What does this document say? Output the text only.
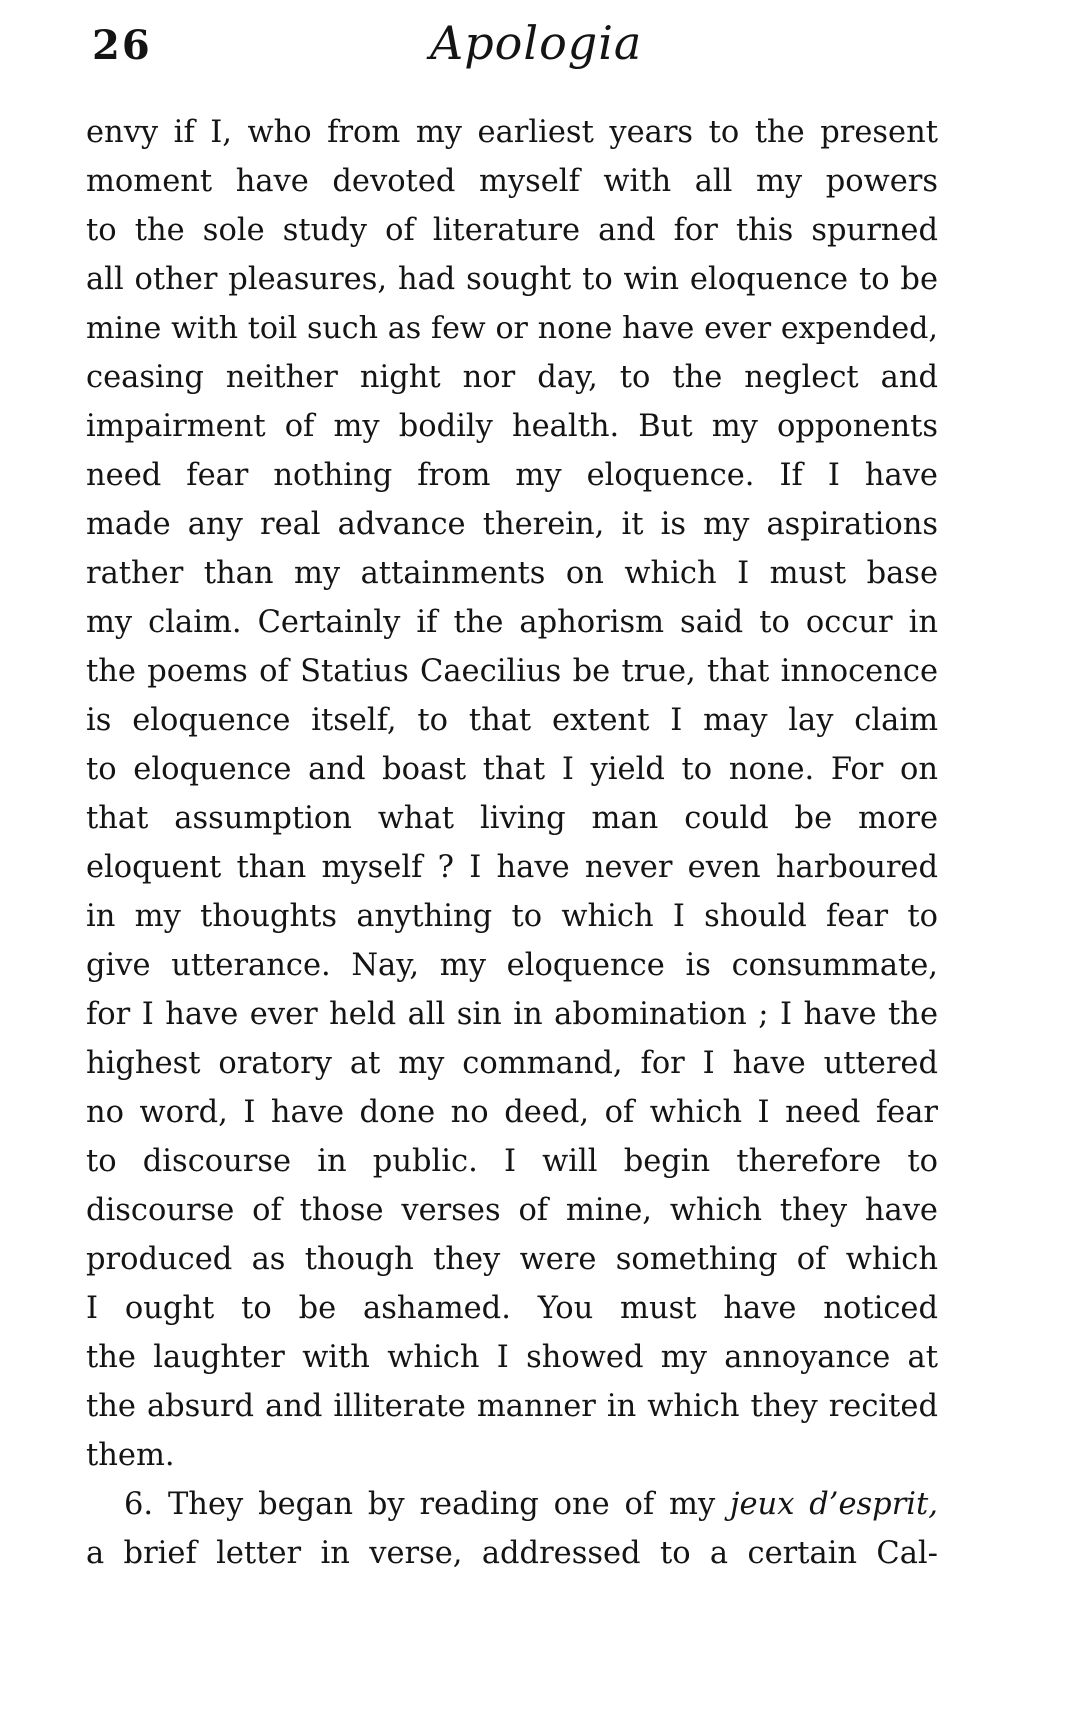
26	Apologia
envy if I, who from my earliest years to the present
moment have devoted myself with all my powers
to the sole study of literature and for this spurned
all other pleasures, had sought to win eloquence to be
mine with toil such as few or none have ever expended,
ceasing neither night nor day, to the neglect and
impairment of my bodily health. But my opponents
need fear nothing from my eloquence. If I have
made any real advance therein, it is my aspirations
rather than my attainments on which I must base
my claim. Certainly if the aphorism said to occur in
the poems of Statius Caecilius be true, that innocence
is eloquence itself, to that extent I may lay claim
to eloquence and boast that I yield to none. For on
that assumption what living man could be more
eloquent than myself ? I have never even harboured
in my thoughts anything to which I should fear to
give utterance. Nay, my eloquence is consummate,
for I have ever held all sin in abomination ; I have the
highest oratory at my command, for I have uttered
no word, I have done no deed, of which I need fear
to discourse in public. I will begin therefore to
discourse of those verses of mine, which they have
produced as though they were something of which
I ought to be ashamed. You must have noticed
the laughter with which I showed my annoyance at
the absurd and illiterate manner in which they recited
them.
6. They began by reading one of my jeux d’esprit,
a brief letter in verse, addressed to a certain Cal-
